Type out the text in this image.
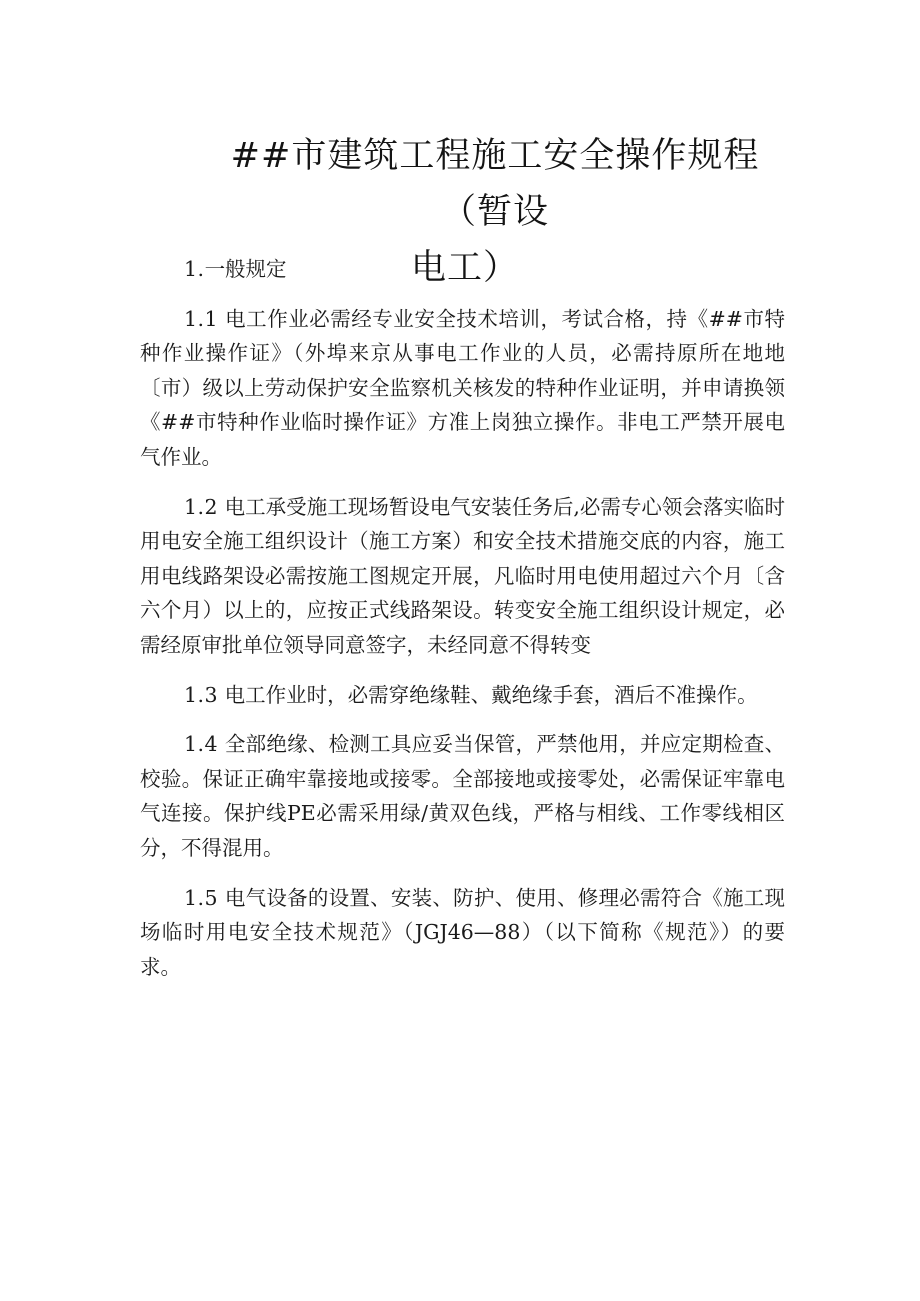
##市建筑工程施工安全操作规程（暂设
电工）

1.一般规定

1.1 电工作业必需经专业安全技术培训，考试合格，持《##市特种作业操作证》（外埠来京从事电工作业的人员，必需持原所在地地〔市）级以上劳动保护安全监察机关核发的特种作业证明，并申请换领《##市特种作业临时操作证》方准上岗独立操作。非电工严禁开展电气作业。

1.2 电工承受施工现场暂设电气安装任务后,必需专心领会落实临时用电安全施工组织设计（施工方案）和安全技术措施交底的内容，施工用电线路架设必需按施工图规定开展，凡临时用电使用超过六个月〔含六个月）以上的，应按正式线路架设。转变安全施工组织设计规定，必需经原审批单位领导同意签字，未经同意不得转变

1.3 电工作业时，必需穿绝缘鞋、戴绝缘手套，酒后不准操作。

1.4 全部绝缘、检测工具应妥当保管，严禁他用，并应定期检查、校验。保证正确牢靠接地或接零。全部接地或接零处，必需保证牢靠电气连接。保护线PE必需采用绿/黄双色线，严格与相线、工作零线相区分，不得混用。

1.5 电气设备的设置、安装、防护、使用、修理必需符合《施工现场临时用电安全技术规范》（JGJ46—88）（以下简称《规范》）的要求。
